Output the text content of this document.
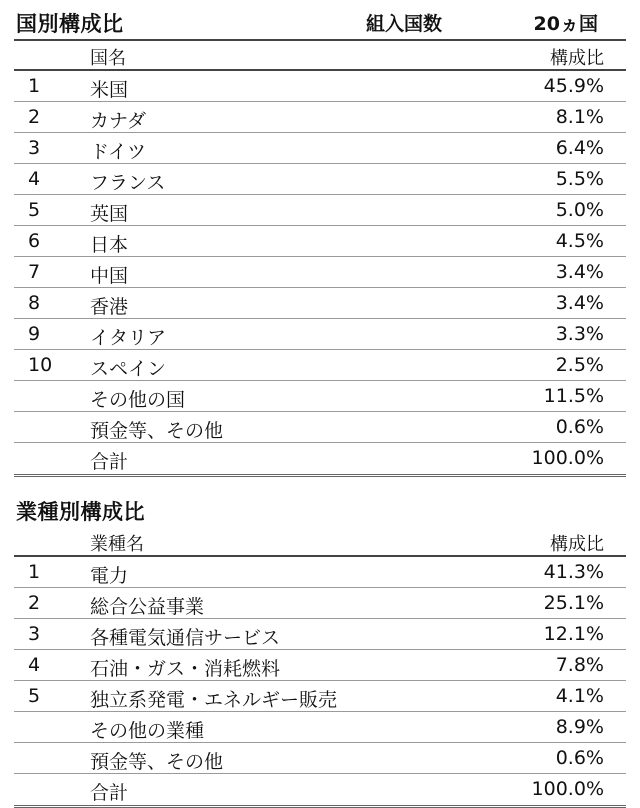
国別構成比	組入国数	20ヵ国
国名	構成比
1	米国	45.9%
2	カナダ	8.1%
3	ドイツ	6.4%
4	フランス	5.5%
5	英国	5.0%
6	日本	4.5%
7	中国	3.4%
8	香港	3.4%
9	イタリア	3.3%
10	スペイン	2.5%
その他の国	11.5%
預金等、その他	0.6%
合計	100.0%
業種別構成比
業種名	構成比
1	電力	41.3%
2	総合公益事業	25.1%
3	各種電気通信サービス	12.1%
4	石油・ガス・消耗燃料	7.8%
5	独立系発電・エネルギー販売	4.1%
その他の業種	8.9%
預金等、その他	0.6%
合計	100.0%
